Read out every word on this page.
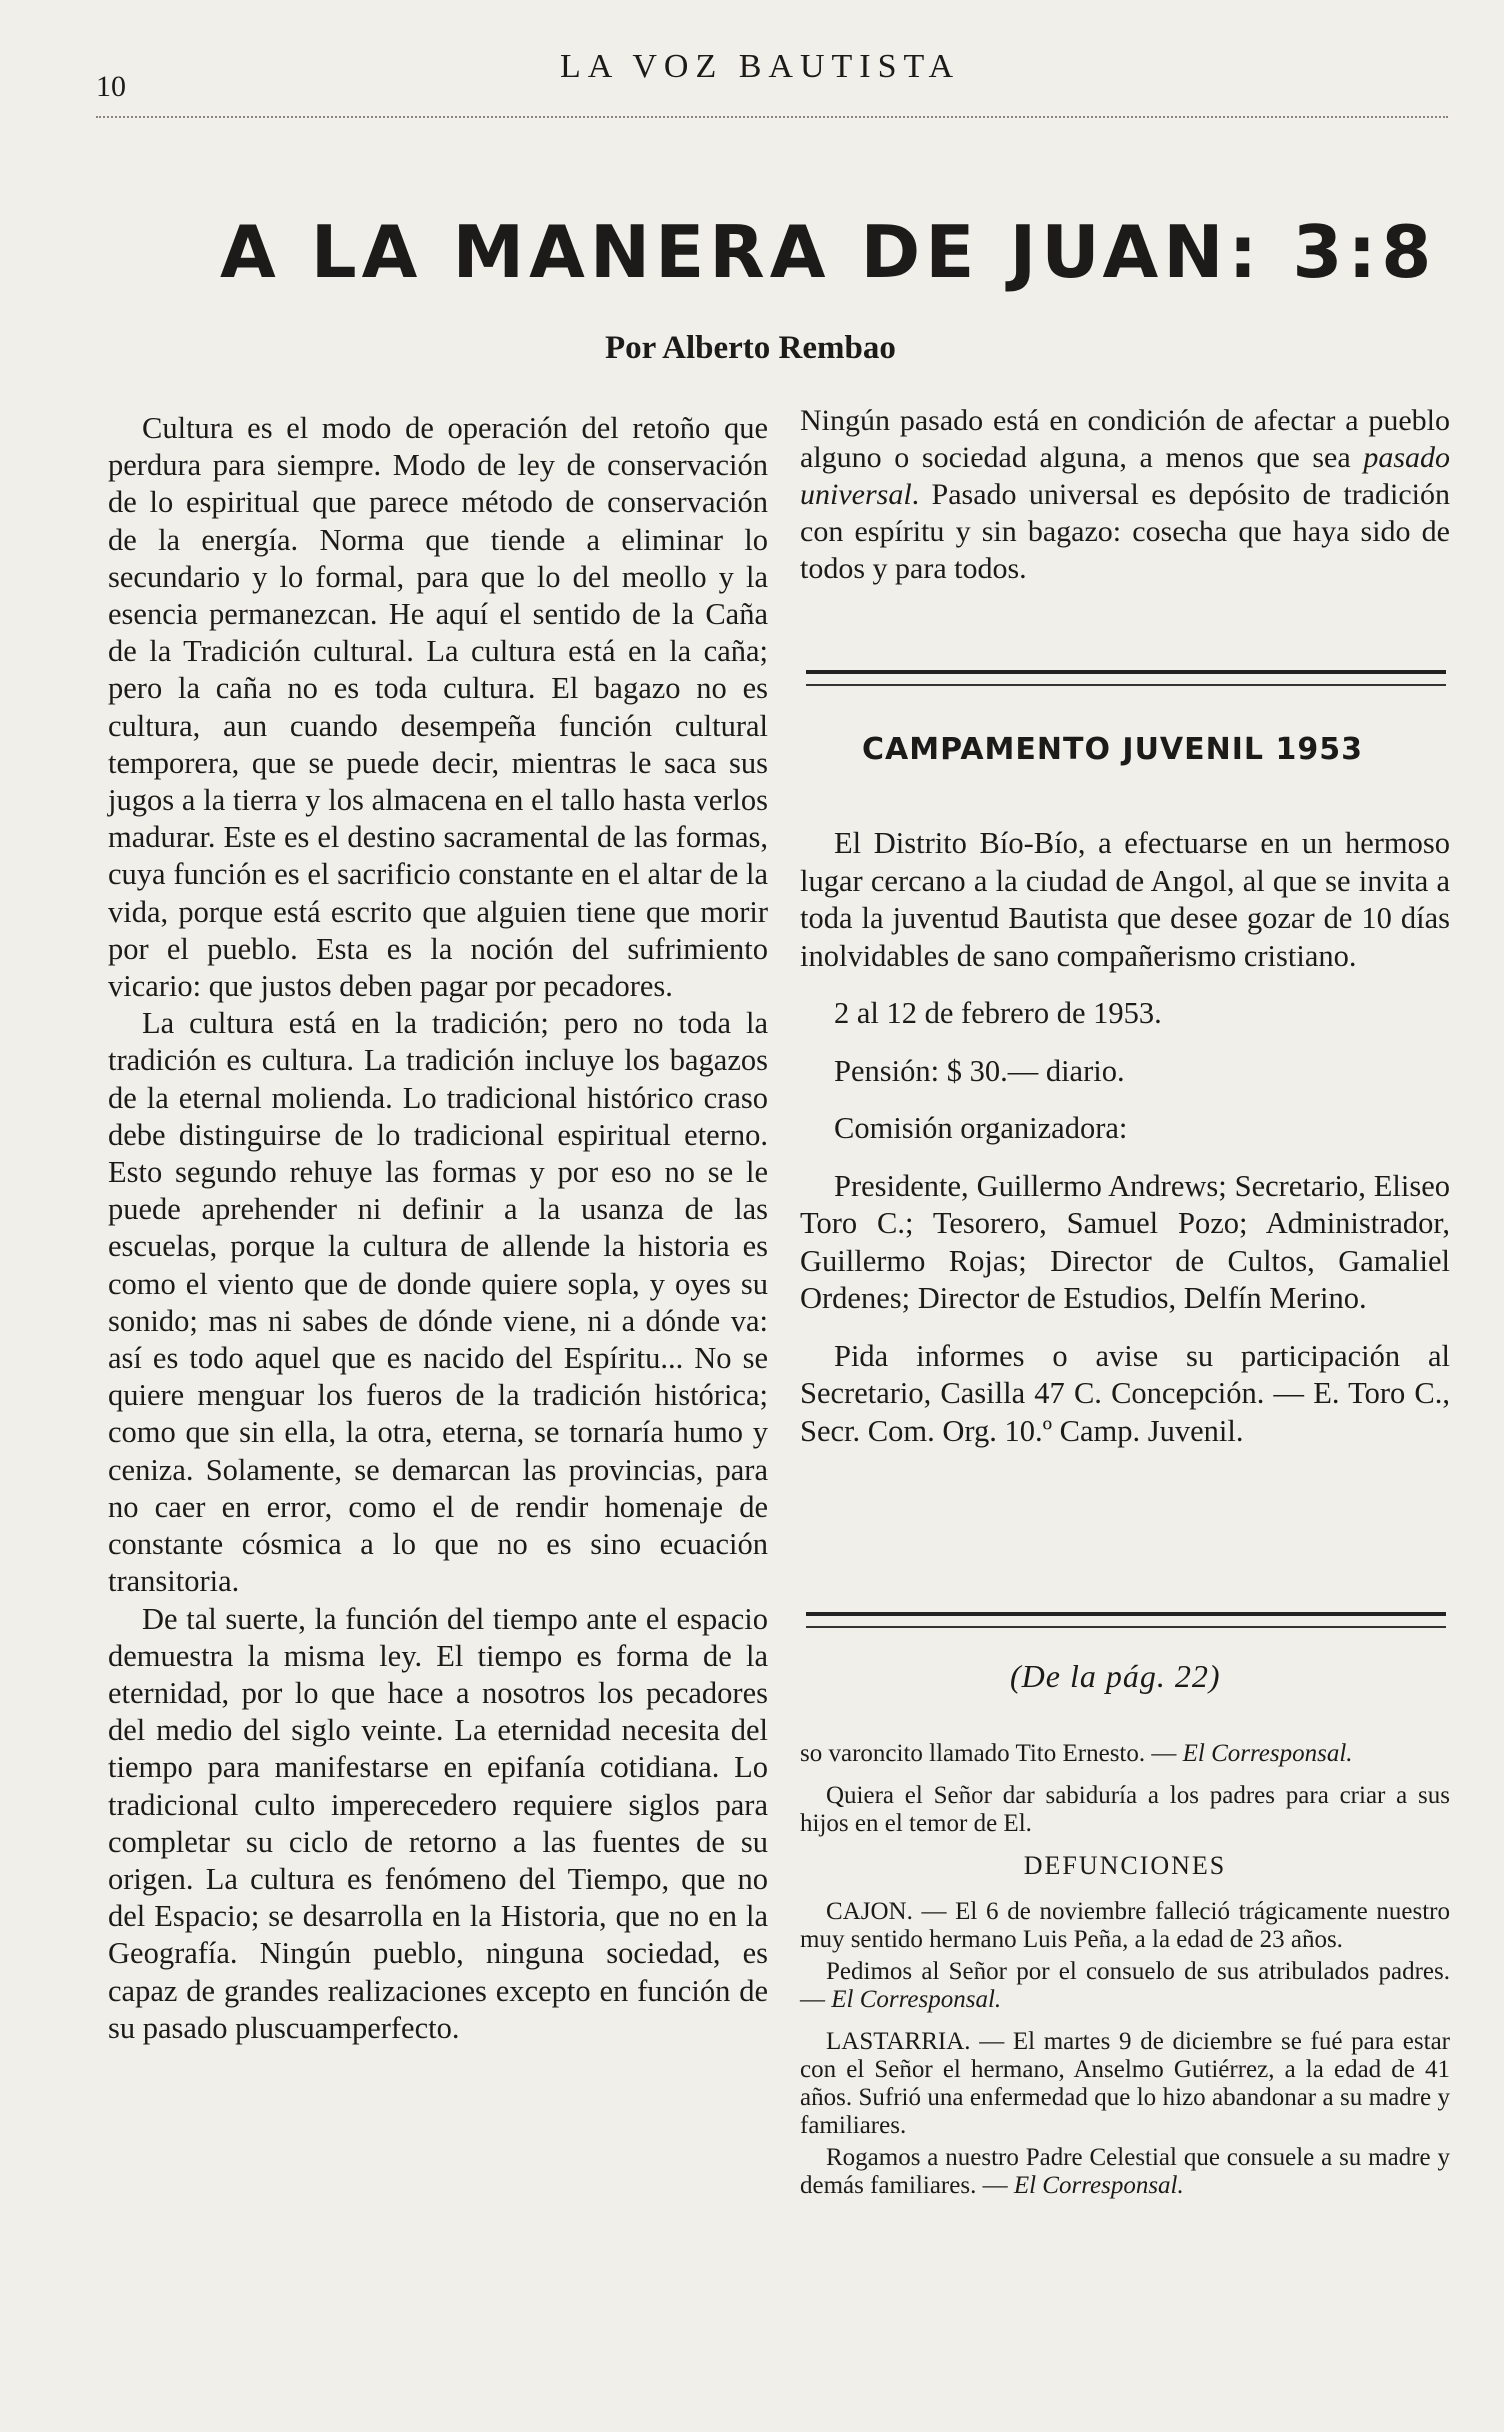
10
LA VOZ BAUTISTA
A LA MANERA DE JUAN: 3:8
Por Alberto Rembao

Cultura es el modo de operación del retoño que perdura para siempre. Modo de ley de conservación de lo espiritual que parece método de conservación de la energía. Norma que tiende a eliminar lo secundario y lo formal, para que lo del meollo y la esencia permanezcan. He aquí el sentido de la Caña de la Tradición cultural. La cultura está en la caña; pero la caña no es toda cultura. El bagazo no es cultura, aun cuando desempeña función cultural temporera, que se puede decir, mientras le saca sus jugos a la tierra y los almacena en el tallo hasta verlos madurar. Este es el destino sacramental de las formas, cuya función es el sacrificio constante en el altar de la vida, porque está escrito que alguien tiene que morir por el pueblo. Esta es la noción del sufrimiento vicario: que justos deben pagar por pecadores.

La cultura está en la tradición; pero no toda la tradición es cultura. La tradición incluye los bagazos de la eternal molienda. Lo tradicional histórico craso debe distinguirse de lo tradicional espiritual eterno. Esto segundo rehuye las formas y por eso no se le puede aprehender ni definir a la usanza de las escuelas, porque la cultura de allende la historia es como el viento que de donde quiere sopla, y oyes su sonido; mas ni sabes de dónde viene, ni a dónde va: así es todo aquel que es nacido del Espíritu... No se quiere menguar los fueros de la tradición histórica; como que sin ella, la otra, eterna, se tornaría humo y ceniza. Solamente, se demarcan las provincias, para no caer en error, como el de rendir homenaje de constante cósmica a lo que no es sino ecuación transitoria.

De tal suerte, la función del tiempo ante el espacio demuestra la misma ley. El tiempo es forma de la eternidad, por lo que hace a nosotros los pecadores del medio del siglo veinte. La eternidad necesita del tiempo para manifestarse en epifanía cotidiana. Lo tradicional culto imperecedero requiere siglos para completar su ciclo de retorno a las fuentes de su origen. La cultura es fenómeno del Tiempo, que no del Espacio; se desarrolla en la Historia, que no en la Geografía. Ningún pueblo, ninguna sociedad, es capaz de grandes realizaciones excepto en función de su pasado pluscuamperfecto.

Ningún pasado está en condición de afectar a pueblo alguno o sociedad alguna, a menos que sea pasado universal. Pasado universal es depósito de tradición con espíritu y sin bagazo: cosecha que haya sido de todos y para todos.

CAMPAMENTO JUVENIL 1953

El Distrito Bío-Bío, a efectuarse en un hermoso lugar cercano a la ciudad de Angol, al que se invita a toda la juventud Bautista que desee gozar de 10 días inolvidables de sano compañerismo cristiano.

2 al 12 de febrero de 1953.

Pensión: $ 30.— diario.

Comisión organizadora:

Presidente, Guillermo Andrews; Secretario, Eliseo Toro C.; Tesorero, Samuel Pozo; Administrador, Guillermo Rojas; Director de Cultos, Gamaliel Ordenes; Director de Estudios, Delfín Merino.

Pida informes o avise su participación al Secretario, Casilla 47 C. Concepción. — E. Toro C., Secr. Com. Org. 10.º Camp. Juvenil.

(De la pág. 22)

so varoncito llamado Tito Ernesto. — El Corresponsal.

Quiera el Señor dar sabiduría a los padres para criar a sus hijos en el temor de El.

DEFUNCIONES

CAJON. — El 6 de noviembre falleció trágicamente nuestro muy sentido hermano Luis Peña, a la edad de 23 años.

Pedimos al Señor por el consuelo de sus atribulados padres. — El Corresponsal.

LASTARRIA. — El martes 9 de diciembre se fué para estar con el Señor el hermano, Anselmo Gutiérrez, a la edad de 41 años. Sufrió una enfermedad que lo hizo abandonar a su madre y familiares.

Rogamos a nuestro Padre Celestial que consuele a su madre y demás familiares. — El Corresponsal.
